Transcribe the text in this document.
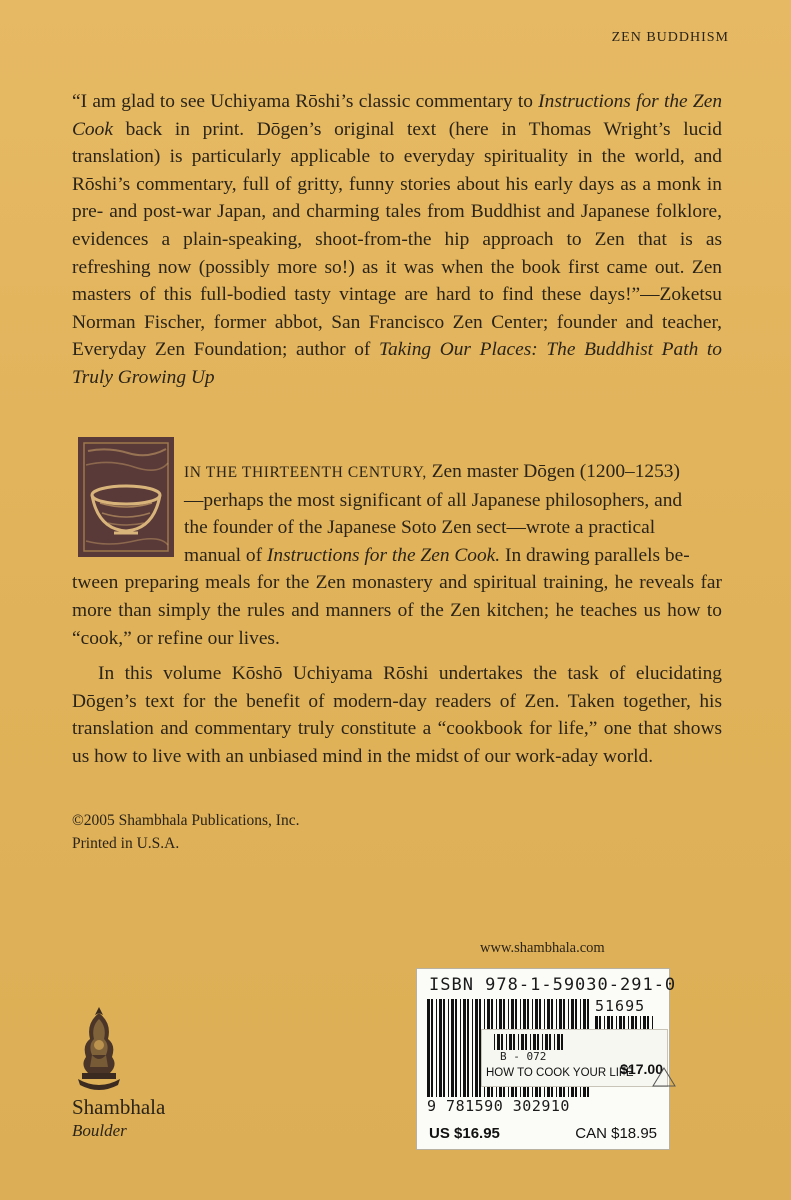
ZEN BUDDHISM
“I am glad to see Uchiyama Rōshi’s classic commentary to Instructions for the Zen Cook back in print. Dōgen’s original text (here in Thomas Wright’s lucid translation) is particularly applicable to everyday spirituality in the world, and Rōshi’s commentary, full of gritty, funny stories about his early days as a monk in pre- and post-war Japan, and charming tales from Buddhist and Japanese folklore, evidences a plain-speaking, shoot-from-the hip approach to Zen that is as refreshing now (possibly more so!) as it was when the book first came out. Zen masters of this full-bodied tasty vintage are hard to find these days!”—Zoketsu Norman Fischer, former abbot, San Francisco Zen Center; founder and teacher, Everyday Zen Foundation; author of Taking Our Places: The Buddhist Path to Truly Growing Up

IN THE THIRTEENTH CENTURY, Zen master Dōgen (1200–1253)
—perhaps the most significant of all Japanese philosophers, and
the founder of the Japanese Soto Zen sect—wrote a practical
manual of Instructions for the Zen Cook. In drawing parallels be-
tween preparing meals for the Zen monastery and spiritual training, he reveals far more than simply the rules and manners of the Zen kitchen; he teaches us how to “cook,” or refine our lives.

In this volume Kōshō Uchiyama Rōshi undertakes the task of elucidating Dōgen’s text for the benefit of modern-day readers of Zen. Taken together, his translation and commentary truly constitute a “cookbook for life,” one that shows us how to live with an unbiased mind in the midst of our work-aday world.

©2005 Shambhala Publications, Inc.
Printed in U.S.A.
www.shambhala.com
Shambhala
Boulder
ISBN 978-1-59030-291-0
51695
9 781590 302910
B - 072
HOW TO COOK YOUR LIFE
$17.00
US $16.95	CAN $18.95
